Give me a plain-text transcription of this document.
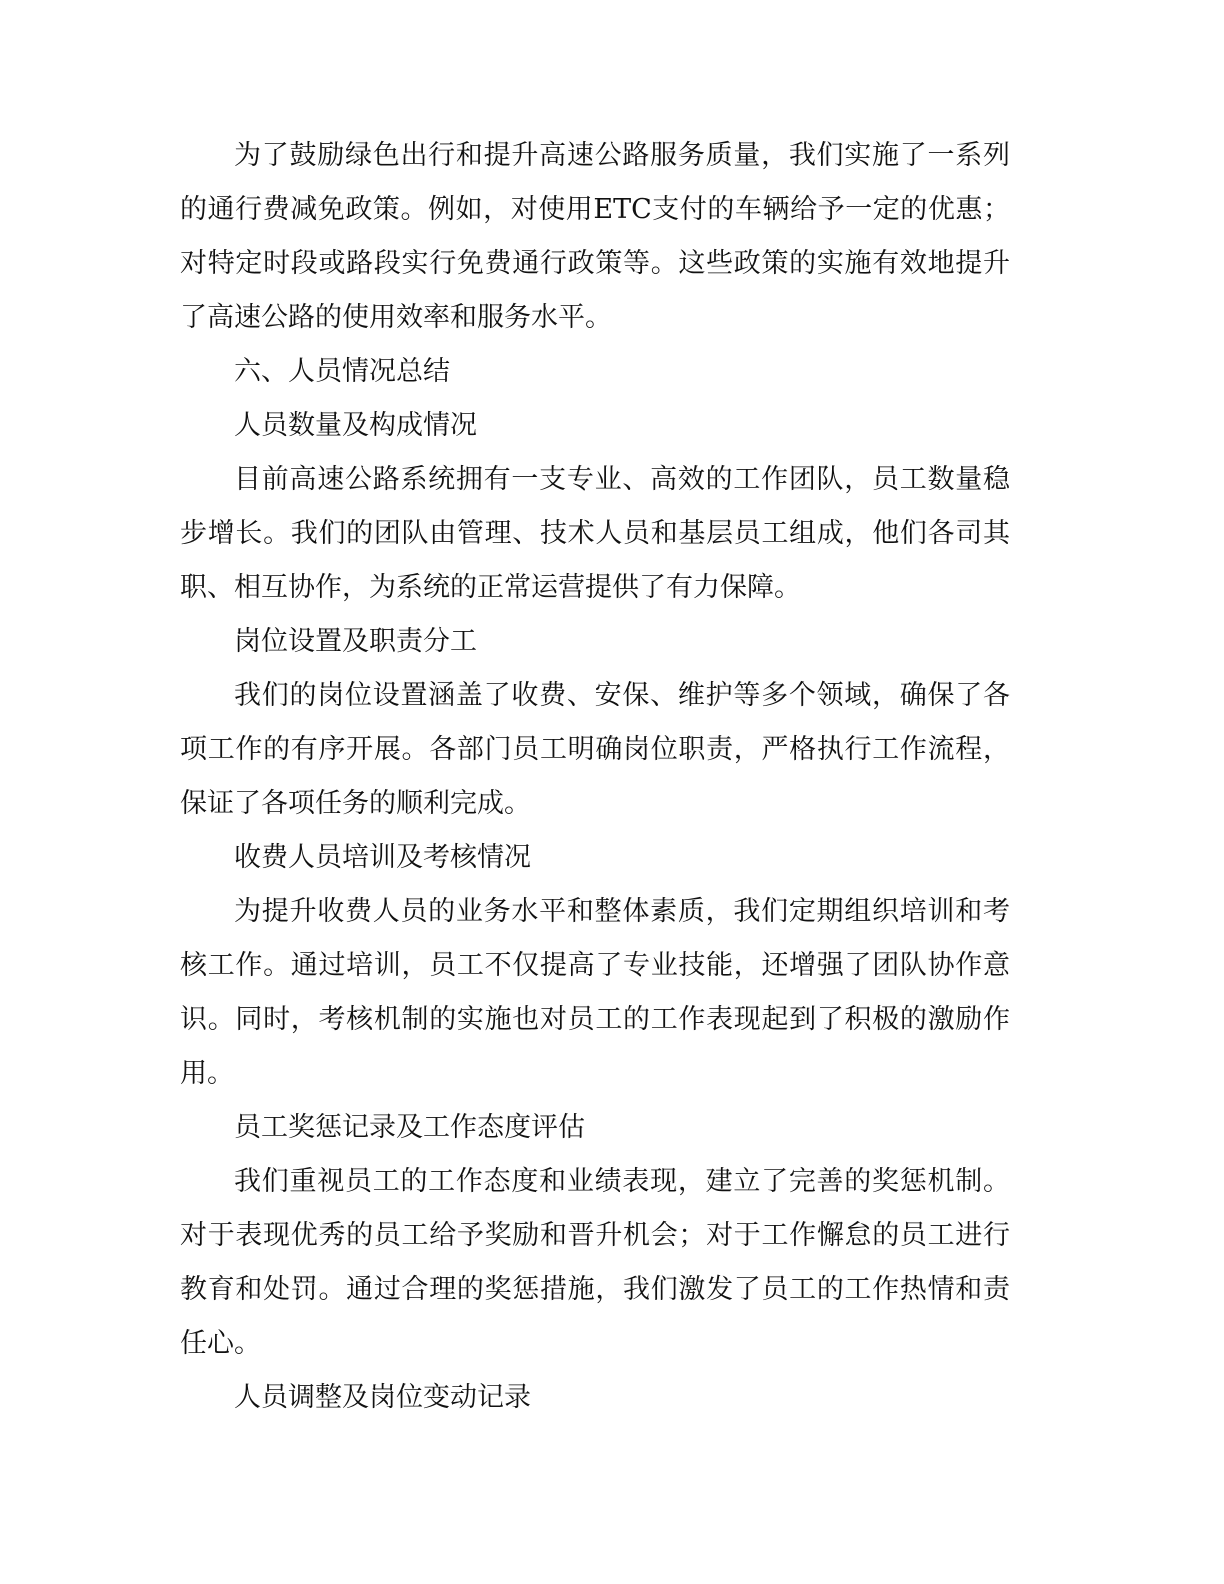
为了鼓励绿色出行和提升高速公路服务质量，我们实施了一系列的通行费减免政策。例如，对使用ETC支付的车辆给予一定的优惠；对特定时段或路段实行免费通行政策等。这些政策的实施有效地提升了高速公路的使用效率和服务水平。

六、人员情况总结

人员数量及构成情况

目前高速公路系统拥有一支专业、高效的工作团队，员工数量稳步增长。我们的团队由管理、技术人员和基层员工组成，他们各司其职、相互协作，为系统的正常运营提供了有力保障。

岗位设置及职责分工

我们的岗位设置涵盖了收费、安保、维护等多个领域，确保了各项工作的有序开展。各部门员工明确岗位职责，严格执行工作流程，保证了各项任务的顺利完成。

收费人员培训及考核情况

为提升收费人员的业务水平和整体素质，我们定期组织培训和考核工作。通过培训，员工不仅提高了专业技能，还增强了团队协作意识。同时，考核机制的实施也对员工的工作表现起到了积极的激励作用。

员工奖惩记录及工作态度评估

我们重视员工的工作态度和业绩表现，建立了完善的奖惩机制。对于表现优秀的员工给予奖励和晋升机会；对于工作懈怠的员工进行教育和处罚。通过合理的奖惩措施，我们激发了员工的工作热情和责任心。

人员调整及岗位变动记录
